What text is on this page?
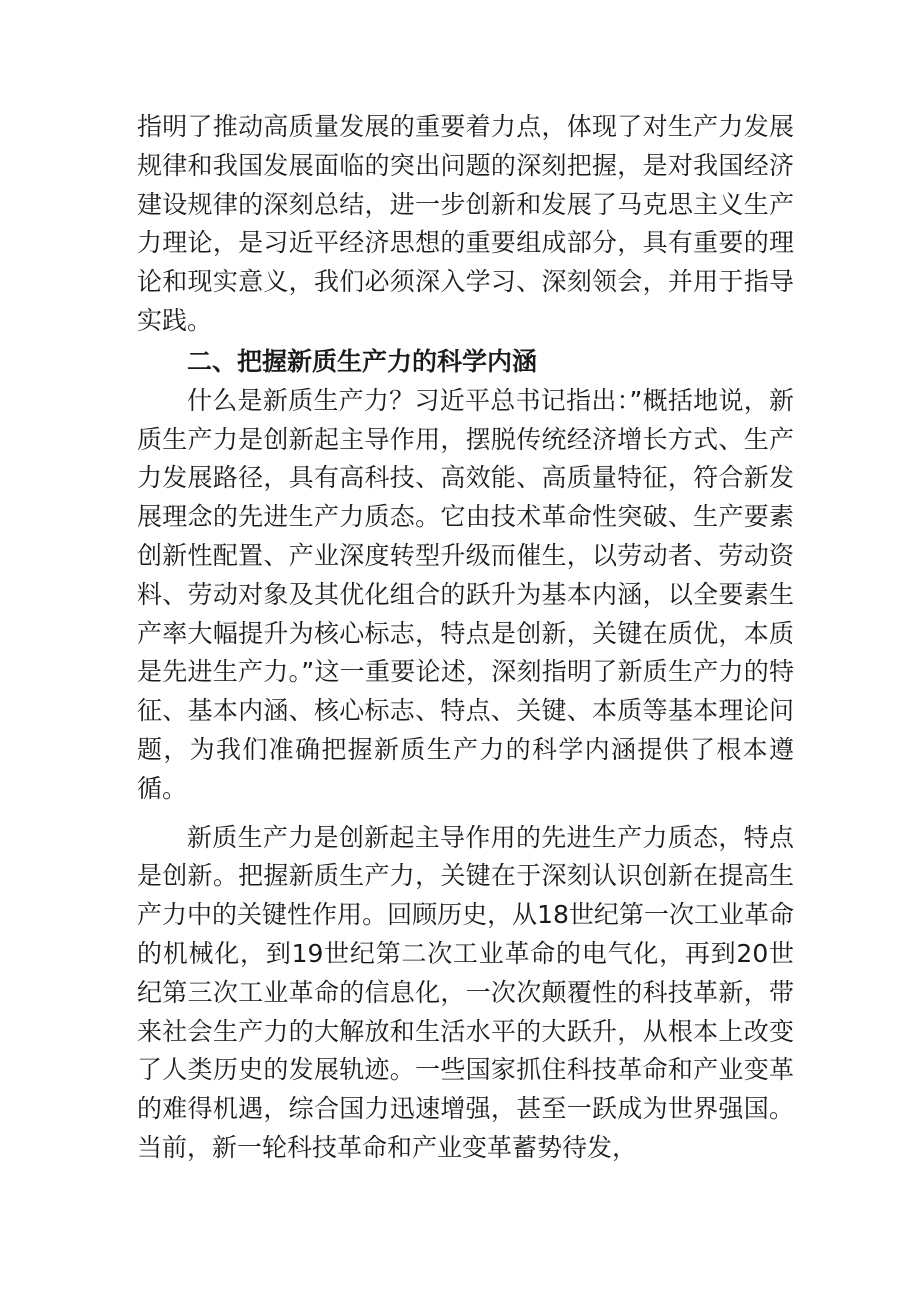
指明了推动高质量发展的重要着力点，体现了对生产力发展规律和我国发展面临的突出问题的深刻把握，是对我国经济建设规律的深刻总结，进一步创新和发展了马克思主义生产力理论，是习近平经济思想的重要组成部分，具有重要的理论和现实意义，我们必须深入学习、深刻领会，并用于指导实践。

二、把握新质生产力的科学内涵

什么是新质生产力？习近平总书记指出：”概括地说，新质生产力是创新起主导作用，摆脱传统经济增长方式、生产力发展路径，具有高科技、高效能、高质量特征，符合新发展理念的先进生产力质态。它由技术革命性突破、生产要素创新性配置、产业深度转型升级而催生，以劳动者、劳动资料、劳动对象及其优化组合的跃升为基本内涵，以全要素生产率大幅提升为核心标志，特点是创新，关键在质优，本质是先进生产力。”这一重要论述，深刻指明了新质生产力的特征、基本内涵、核心标志、特点、关键、本质等基本理论问题，为我们准确把握新质生产力的科学内涵提供了根本遵循。

新质生产力是创新起主导作用的先进生产力质态，特点是创新。把握新质生产力，关键在于深刻认识创新在提高生产力中的关键性作用。回顾历史，从18世纪第一次工业革命的机械化，到19世纪第二次工业革命的电气化，再到20世纪第三次工业革命的信息化，一次次颠覆性的科技革新，带来社会生产力的大解放和生活水平的大跃升，从根本上改变了人类历史的发展轨迹。一些国家抓住科技革命和产业变革的难得机遇，综合国力迅速增强，甚至一跃成为世界强国。当前，新一轮科技革命和产业变革蓄势待发，
